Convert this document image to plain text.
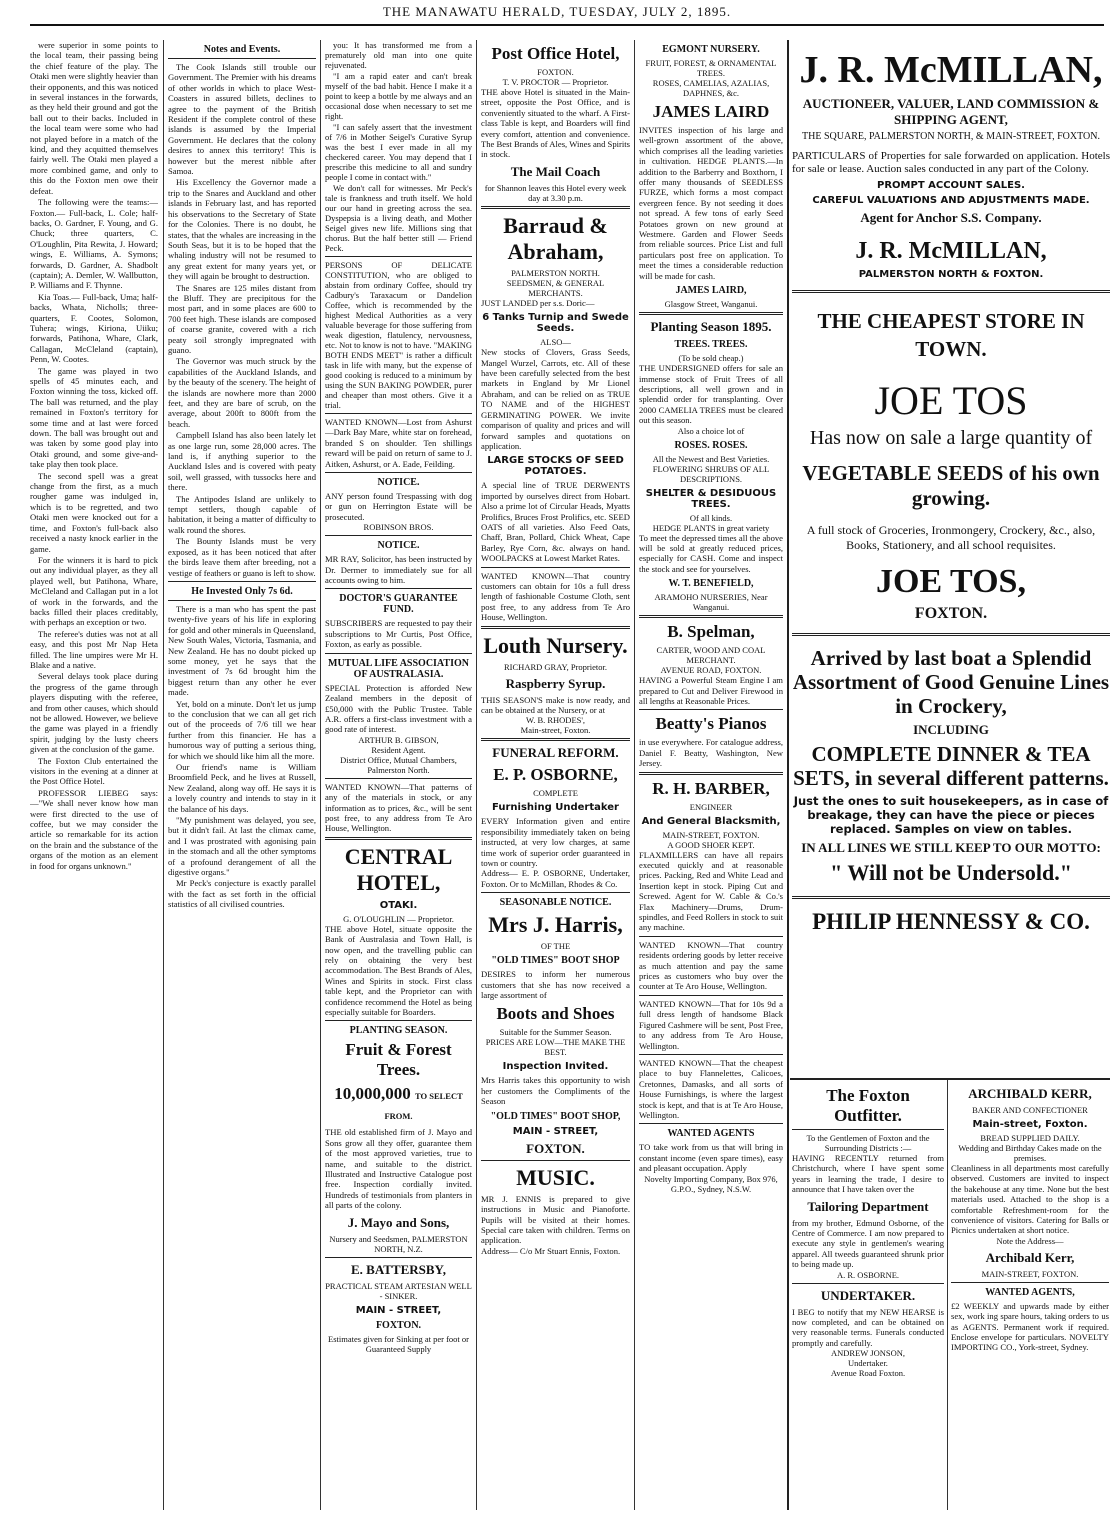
THE MANAWATU HERALD, TUESDAY, JULY 2, 1895.

were superior in some points to the local team, their passing being the chief feature of the play. The Otaki men were slightly heavier than their opponents, and this was noticed in several instances in the forwards, as they held their ground and got the ball out to their backs. Included in the local team were some who had not played before in a match of the kind, and they acquitted themselves fairly well. The Otaki men played a more combined game, and only to this do the Foxton men owe their defeat.

The following were the teams:— Foxton.— Full-back, L. Cole; half-backs, O. Gardner, F. Young, and G. Chuck; three quarters, C. O'Loughlin, Pita Rewita, J. Howard; wings, E. Williams, A. Symons; forwards, D. Gardner, A. Shadbolt (captain); A. Demler, W. Wallbutton, P. Williams and F. Thynne.

Kia Toas.— Full-back, Uma; half-backs, Whata, Nicholls; three-quarters, F. Cootes, Solomon, Tuhera; wings, Kiriona, Uiiku; forwards, Patihona, Whare, Clark, Callagan, McCleland (captain), Penn, W. Cootes.

The game was played in two spells of 45 minutes each, and Foxton winning the toss, kicked off. The ball was returned, and the play remained in Foxton's territory for some time and at last were forced down. The ball was brought out and was taken by some good play into Otaki ground, and some give-and-take play then took place.

The second spell was a great change from the first, as a much rougher game was indulged in, which is to be regretted, and two Otaki men were knocked out for a time, and Foxton's full-back also received a nasty knock earlier in the game.

For the winners it is hard to pick out any individual player, as they all played well, but Patihona, Whare, McCleland and Callagan put in a lot of work in the forwards, and the backs filled their places creditably, with perhaps an exception or two.

The referee's duties was not at all easy, and this post Mr Nap Heta filled. The line umpires were Mr H. Blake and a native.

Several delays took place during the progress of the game through players disputing with the referee, and from other causes, which should not be allowed. However, we believe the game was played in a friendly spirit, judging by the lusty cheers given at the conclusion of the game.

The Foxton Club entertained the visitors in the evening at a dinner at the Post Office Hotel.

PROFESSOR LIEBEG says:—"We shall never know how man were first directed to the use of coffee, but we may consider the article so remarkable for its action on the brain and the substance of the organs of the motion as an element in food for organs unknown."

Notes and Events.

The Cook Islands still trouble our Government. The Premier with his dreams of other worlds in which to place West-Coasters in assured billets, declines to agree to the payment of the British Resident if the complete control of these islands is assumed by the Imperial Government. He declares that the colony desires to annex this territory! This is however but the merest nibble after Samoa.

His Excellency the Governor made a trip to the Snares and Auckland and other islands in February last, and has reported his observations to the Secretary of State for the Colonies. There is no doubt, he states, that the whales are increasing in the South Seas, but it is to be hoped that the whaling industry will not be resumed to any great extent for many years yet, or they will again be brought to destruction.

The Snares are 125 miles distant from the Bluff. They are precipitous for the most part, and in some places are 600 to 700 feet high. These islands are composed of coarse granite, covered with a rich peaty soil strongly impregnated with guano.

The Governor was much struck by the capabilities of the Auckland Islands, and by the beauty of the scenery. The height of the islands are nowhere more than 2000 feet, and they are bare of scrub, on the average, about 200ft to 800ft from the beach.

Campbell Island has also been lately let as one large run, some 28,000 acres. The land is, if anything superior to the Auckland Isles and is covered with peaty soil, well grassed, with tussocks here and there.

The Antipodes Island are unlikely to tempt settlers, though capable of habitation, it being a matter of difficulty to walk round the shores.

The Bounty Islands must be very exposed, as it has been noticed that after the birds leave them after breeding, not a vestige of feathers or guano is left to show.

He Invested Only 7s 6d.

There is a man who has spent the past twenty-five years of his life in exploring for gold and other minerals in Queensland, New South Wales, Victoria, Tasmania, and New Zealand. He has no doubt picked up some money, yet he says that the investment of 7s 6d brought him the biggest return than any other he ever made.

Yet, bold on a minute. Don't let us jump to the conclusion that we can all get rich out of the proceeds of 7/6 till we hear further from this financier. He has a humorous way of putting a serious thing, for which we should like him all the more.

Our friend's name is William Broomfield Peck, and he lives at Russell, New Zealand, along way off. He says it is a lovely country and intends to stay in it the balance of his days.

"My punishment was delayed, you see, but it didn't fail. At last the climax came, and I was prostrated with agonising pain in the stomach and all the other symptoms of a profound derangement of all the digestive organs."

Mr Peck's conjecture is exactly parallel with the fact as set forth in the official statistics of all civilised countries.

you: It has transformed me from a prematurely old man into one quite rejuvenated.

"I am a rapid eater and can't break myself of the bad habit. Hence I make it a point to keep a bottle by me always and an occasional dose when necessary to set me right.

"I can safely assert that the investment of 7/6 in Mother Seigel's Curative Syrup was the best I ever made in all my checkered career. You may depend that I prescribe this medicine to all and sundry people I come in contact with."

We don't call for witnesses. Mr Peck's tale is frankness and truth itself. We hold our our hand in greeting across the sea. Dyspepsia is a living death, and Mother Seigel gives new life. Millions sing that chorus. But the half better still — Friend Peck.

PERSONS OF DELICATE CONSTITUTION, who are obliged to abstain from ordinary Coffee, should try Cadbury's Taraxacum or Dandelion Coffee, which is recommended by the highest Medical Authorities as a very valuable beverage for those suffering from weak digestion, flatulency, nervousness, etc. Not to know is not to have. "MAKING BOTH ENDS MEET" is rather a difficult task in life with many, but the expense of good cooking is reduced to a minimum by using the SUN BAKING POWDER, purer and cheaper than most others. Give it a trial.
WANTED KNOWN—Lost from Ashurst—Dark Bay Mare, white star on forehead, branded S on shoulder. Ten shillings reward will be paid on return of same to J. Aitken, Ashurst, or A. Eade, Feilding.
NOTICE.
ANY person found Trespassing with dog or gun on Herrington Estate will be prosecuted.
ROBINSON BROS.
NOTICE.
MR RAY, Solicitor, has been instructed by Dr. Dermer to immediately sue for all accounts owing to him.
DOCTOR'S GUARANTEE FUND.
SUBSCRIBERS are requested to pay their subscriptions to Mr Curtis, Post Office, Foxton, as early as possible.
MUTUAL LIFE ASSOCIATION OF AUSTRALASIA.
SPECIAL Protection is afforded New Zealand members in the deposit of £50,000 with the Public Trustee. Table A.R. offers a first-class investment with a good rate of interest.
ARTHUR B. GIBSON,
Resident Agent.
District Office, Mutual Chambers, Palmerston North.
WANTED KNOWN—That patterns of any of the materials in stock, or any information as to prices, &c., will be sent post free, to any address from Te Aro House, Wellington.
CENTRAL HOTEL,
OTAKI.
G. O'LOUGHLIN — Proprietor.
THE above Hotel, situate opposite the Bank of Australasia and Town Hall, is now open, and the travelling public can rely on obtaining the very best accommodation. The Best Brands of Ales, Wines and Spirits in stock. First class table kept, and the Proprietor can with confidence recommend the Hotel as being especially suitable for Boarders.
PLANTING SEASON.
Fruit & Forest Trees.
10,000,000 TO SELECT FROM.
THE old established firm of J. Mayo and Sons grow all they offer, guarantee them of the most approved varieties, true to name, and suitable to the district. Illustrated and Instructive Catalogue post free. Inspection cordially invited. Hundreds of testimonials from planters in all parts of the colony.
J. Mayo and Sons,
Nursery and Seedsmen, PALMERSTON NORTH, N.Z.
E. BATTERSBY,
PRACTICAL STEAM ARTESIAN WELL - SINKER.
MAIN - STREET,
FOXTON.
Estimates given for Sinking at per foot or Guaranteed Supply
Post Office Hotel,
FOXTON.
T. V. PROCTOR — Proprietor.
THE above Hotel is situated in the Main-street, opposite the Post Office, and is conveniently situated to the wharf. A First-class Table is kept, and Boarders will find every comfort, attention and convenience. The Best Brands of Ales, Wines and Spirits in stock.
The Mail Coach
for Shannon leaves this Hotel every week day at 3.30 p.m.
Barraud & Abraham,
PALMERSTON NORTH.
SEEDSMEN, & GENERAL MERCHANTS.
JUST LANDED per s.s. Doric—
6 Tanks Turnip and Swede Seeds.
ALSO—
New stocks of Clovers, Grass Seeds, Mangel Wurzel, Carrots, etc. All of these have been carefully selected from the best markets in England by Mr Lionel Abraham, and can be relied on as TRUE TO NAME and of the HIGHEST GERMINATING POWER. We invite comparison of quality and prices and will forward samples and quotations on application.
LARGE STOCKS OF SEED POTATOES.
A special line of TRUE DERWENTS imported by ourselves direct from Hobart. Also a prime lot of Circular Heads, Myatts Prolifics, Bruces Frost Prolifics, etc. SEED OATS of all varieties. Also Feed Oats, Chaff, Bran, Pollard, Chick Wheat, Cape Barley, Rye Corn, &c. always on hand. WOOLPACKS at Lowest Market Rates.
WANTED KNOWN—That country customers can obtain for 10s a full dress length of fashionable Costume Cloth, sent post free, to any address from Te Aro House, Wellington.
Louth Nursery.
RICHARD GRAY, Proprietor.
Raspberry Syrup.
THIS SEASON'S make is now ready, and can be obtained at the Nursery, or at
W. B. RHODES',
Main-street, Foxton.
FUNERAL REFORM.
E. P. OSBORNE,
COMPLETE
Furnishing Undertaker
EVERY Information given and entire responsibility immediately taken on being instructed, at very low charges, at same time work of superior order guaranteed in town or country.
Address— E. P. OSBORNE, Undertaker, Foxton. Or to McMillan, Rhodes & Co.
SEASONABLE NOTICE.
Mrs J. Harris,
OF THE
"OLD TIMES" BOOT SHOP
DESIRES to inform her numerous customers that she has now received a large assortment of
Boots and Shoes
Suitable for the Summer Season.
PRICES ARE LOW—THE MAKE THE BEST.
Inspection Invited.
Mrs Harris takes this opportunity to wish her customers the Compliments of the Season
"OLD TIMES" BOOT SHOP,
MAIN - STREET,
FOXTON.
MUSIC.
MR J. ENNIS is prepared to give instructions in Music and Pianoforte. Pupils will be visited at their homes. Special care taken with children. Terms on application.
Address— C/o Mr Stuart Ennis, Foxton.
EGMONT NURSERY.
FRUIT, FOREST, & ORNAMENTAL TREES.
ROSES, CAMELIAS, AZALIAS, DAPHNES, &c.
JAMES LAIRD
INVITES inspection of his large and well-grown assortment of the above, which comprises all the leading varieties in cultivation. HEDGE PLANTS.—In addition to the Barberry and Boxthorn, I offer many thousands of SEEDLESS FURZE, which forms a most compact evergreen fence. By not seeding it does not spread. A few tons of early Seed Potatoes grown on new ground at Westmere. Garden and Flower Seeds from reliable sources. Price List and full particulars post free on application. To meet the times a considerable reduction will be made for cash.
JAMES LAIRD,
Glasgow Street, Wanganui.
Planting Season 1895.
TREES. TREES.
(To be sold cheap.)
THE UNDERSIGNED offers for sale an immense stock of Fruit Trees of all descriptions, all well grown and in splendid order for transplanting. Over 2000 CAMELIA TREES must be cleared out this season.
Also a choice lot of
ROSES. ROSES.
All the Newest and Best Varieties.
FLOWERING SHRUBS OF ALL DESCRIPTIONS.
SHELTER & DESIDUOUS TREES.
Of all kinds.
HEDGE PLANTS in great variety
To meet the depressed times all the above will be sold at greatly reduced prices, especially for CASH. Come and inspect the stock and see for yourselves.
W. T. BENEFIELD,
ARAMOHO NURSERIES, Near Wanganui.
B. Spelman,
CARTER, WOOD AND COAL MERCHANT.
AVENUE ROAD, FOXTON.
HAVING a Powerful Steam Engine I am prepared to Cut and Deliver Firewood in all lengths at Reasonable Prices.
Beatty's Pianos
in use everywhere. For catalogue address, Daniel F. Beatty, Washington, New Jersey.
R. H. BARBER,
ENGINEER
And General Blacksmith,
MAIN-STREET, FOXTON.
A GOOD SHOER KEPT.
FLAXMILLERS can have all repairs executed quickly and at reasonable prices. Packing, Red and White Lead and Insertion kept in stock. Piping Cut and Screwed. Agent for W. Cable & Co.'s Flax Machinery—Drums, Drum-spindles, and Feed Rollers in stock to suit any machine.
WANTED KNOWN—That country residents ordering goods by letter receive as much attention and pay the same prices as customers who buy over the counter at Te Aro House, Wellington.
WANTED KNOWN—That for 10s 9d a full dress length of handsome Black Figured Cashmere will be sent, Post Free, to any address from Te Aro House, Wellington.
WANTED KNOWN—That the cheapest place to buy Flannelettes, Calicoes, Cretonnes, Damasks, and all sorts of House Furnishings, is where the largest stock is kept, and that is at Te Aro House, Wellington.
WANTED AGENTS
TO take work from us that will bring in constant income (even spare times), easy and pleasant occupation. Apply
Novelty Importing Company, Box 976, G.P.O., Sydney, N.S.W.
J. R. McMILLAN,
AUCTIONEER, VALUER, LAND COMMISSION & SHIPPING AGENT,
THE SQUARE, PALMERSTON NORTH, & MAIN-STREET, FOXTON.
PARTICULARS of Properties for sale forwarded on application. Hotels for sale or lease. Auction sales conducted in any part of the Colony.
PROMPT ACCOUNT SALES.
CAREFUL VALUATIONS AND ADJUSTMENTS MADE.
Agent for Anchor S.S. Company.
J. R. McMILLAN,
PALMERSTON NORTH & FOXTON.
THE CHEAPEST STORE IN TOWN.
JOE TOS
Has now on sale a large quantity of
VEGETABLE SEEDS of his own growing.
A full stock of Groceries, Ironmongery, Crockery, &c., also, Books, Stationery, and all school requisites.
JOE TOS,
FOXTON.
Arrived by last boat a Splendid Assortment of Good Genuine Lines in Crockery,
INCLUDING
COMPLETE DINNER & TEA SETS, in several different patterns.
Just the ones to suit housekeepers, as in case of breakage, they can have the piece or pieces replaced. Samples on view on tables.
IN ALL LINES WE STILL KEEP TO OUR MOTTO:
" Will not be Undersold."
PHILIP HENNESSY & CO.
The Foxton Outfitter.
To the Gentlemen of Foxton and the Surrounding Districts :—
HAVING RECENTLY returned from Christchurch, where I have spent some years in learning the trade, I desire to announce that I have taken over the
Tailoring Department
from my brother, Edmund Osborne, of the Centre of Commerce. I am now prepared to execute any style in gentlemen's wearing apparel. All tweeds guaranteed shrunk prior to being made up.
A. R. OSBORNE.
UNDERTAKER.
I BEG to notify that my NEW HEARSE is now completed, and can be obtained on very reasonable terms. Funerals conducted promptly and carefully.
ANDREW JONSON,
Undertaker.
Avenue Road Foxton.
ARCHIBALD KERR,
BAKER AND CONFECTIONER
Main-street, Foxton.
BREAD SUPPLIED DAILY.
Wedding and Birthday Cakes made on the premises.
Cleanliness in all departments most carefully observed. Customers are invited to inspect the bakehouse at any time. None but the best materials used. Attached to the shop is a comfortable Refreshment-room for the convenience of visitors. Catering for Balls or Picnics undertaken at short notice.
Note the Address—
Archibald Kerr,
MAIN-STREET, FOXTON.
WANTED AGENTS,
£2 WEEKLY and upwards made by either sex, work ing spare hours, taking orders to us as AGENTS. Permanent work if required. Enclose envelope for particulars. NOVELTY IMPORTING CO., York-street, Sydney.
